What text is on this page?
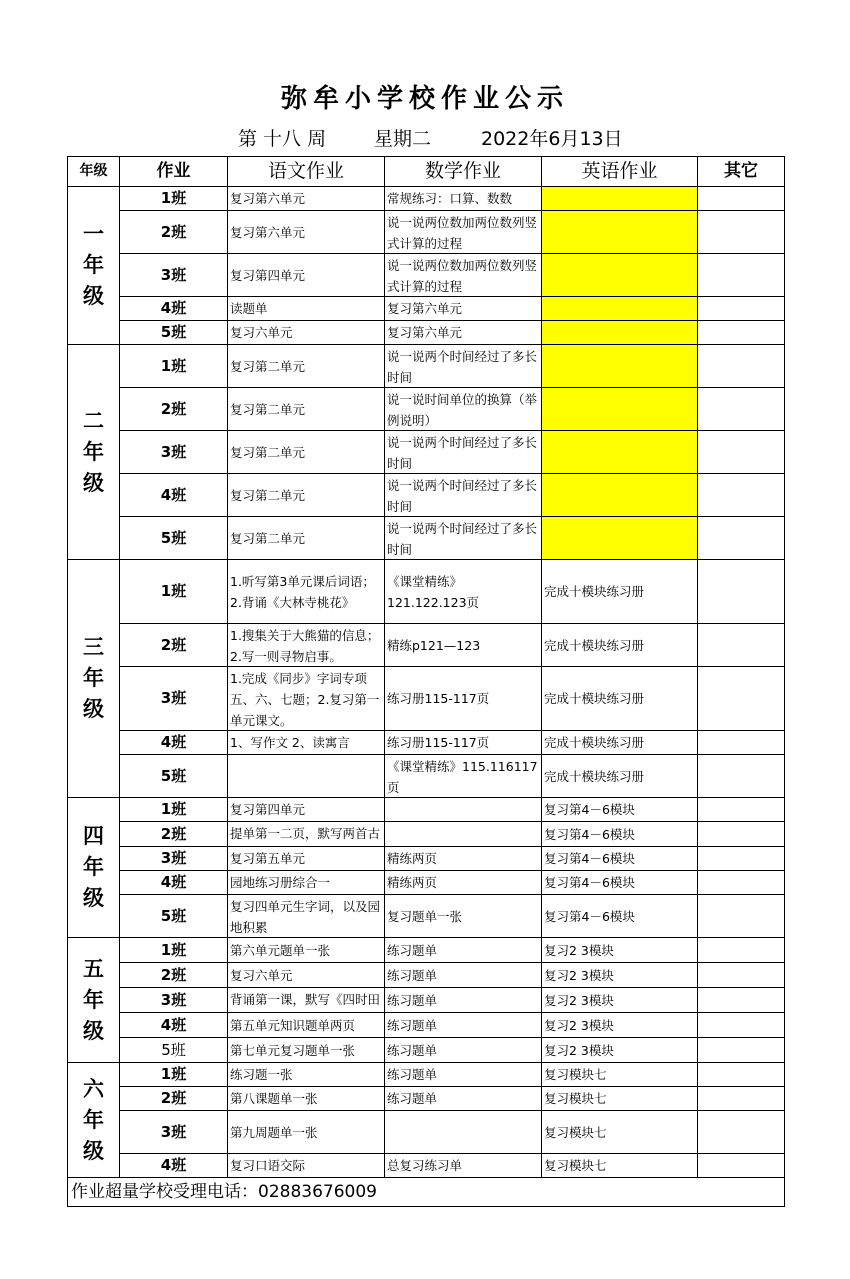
弥牟小学校作业公示
第 十八 周	星期二	2022年6月13日
年级	作业	语文作业	数学作业	英语作业	其它

一年级	1班	复习第六单元	常规练习：口算、数数		

	2班	复习第六单元	说一说两位数加两位数列竖式计算的过程		

	3班	复习第四单元	说一说两位数加两位数列竖式计算的过程		

	4班	读题单	复习第六单元		

	5班	复习六单元	复习第六单元		

二年级	1班	复习第二单元	说一说两个时间经过了多长时间		

	2班	复习第二单元	说一说时间单位的换算（举例说明）		

	3班	复习第二单元	说一说两个时间经过了多长时间		

	4班	复习第二单元	说一说两个时间经过了多长时间		

	5班	复习第二单元	说一说两个时间经过了多长时间		

三年级	1班	1.听写第3单元课后词语；2.背诵《大林寺桃花》	《课堂精练》121.122.123页	完成十模块练习册	

	2班	1.搜集关于大熊猫的信息；2.写一则寻物启事。	精练p121—123	完成十模块练习册	

	3班	1.完成《同步》字词专项五、六、七题；2.复习第一单元课文。	练习册115-117页	完成十模块练习册	

	4班	1、写作文 2、读寓言	练习册115-117页	完成十模块练习册	

	5班		《课堂精练》115.116117页	完成十模块练习册	

四年级	1班	复习第四单元		复习第4－6模块	

	2班	提单第一二页，默写两首古		复习第4－6模块	

	3班	复习第五单元	精练两页	复习第4－6模块	

	4班	园地练习册综合一	精练两页	复习第4－6模块	

	5班	复习四单元生字词，以及园地积累	复习题单一张	复习第4－6模块	

五年级	1班	第六单元题单一张	练习题单	复习2 3模块	

	2班	复习六单元	练习题单	复习2 3模块	

	3班	背诵第一课，默写《四时田	练习题单	复习2 3模块	

	4班	第五单元知识题单两页	练习题单	复习2 3模块	

	5班	第七单元复习题单一张	练习题单	复习2 3模块	

六年级	1班	练习题一张	练习题单	复习模块七	

	2班	第八课题单一张	练习题单	复习模块七	

	3班	第九周题单一张		复习模块七	

	4班	复习口语交际	总复习练习单	复习模块七	

作业超量学校受理电话：02883676009					
